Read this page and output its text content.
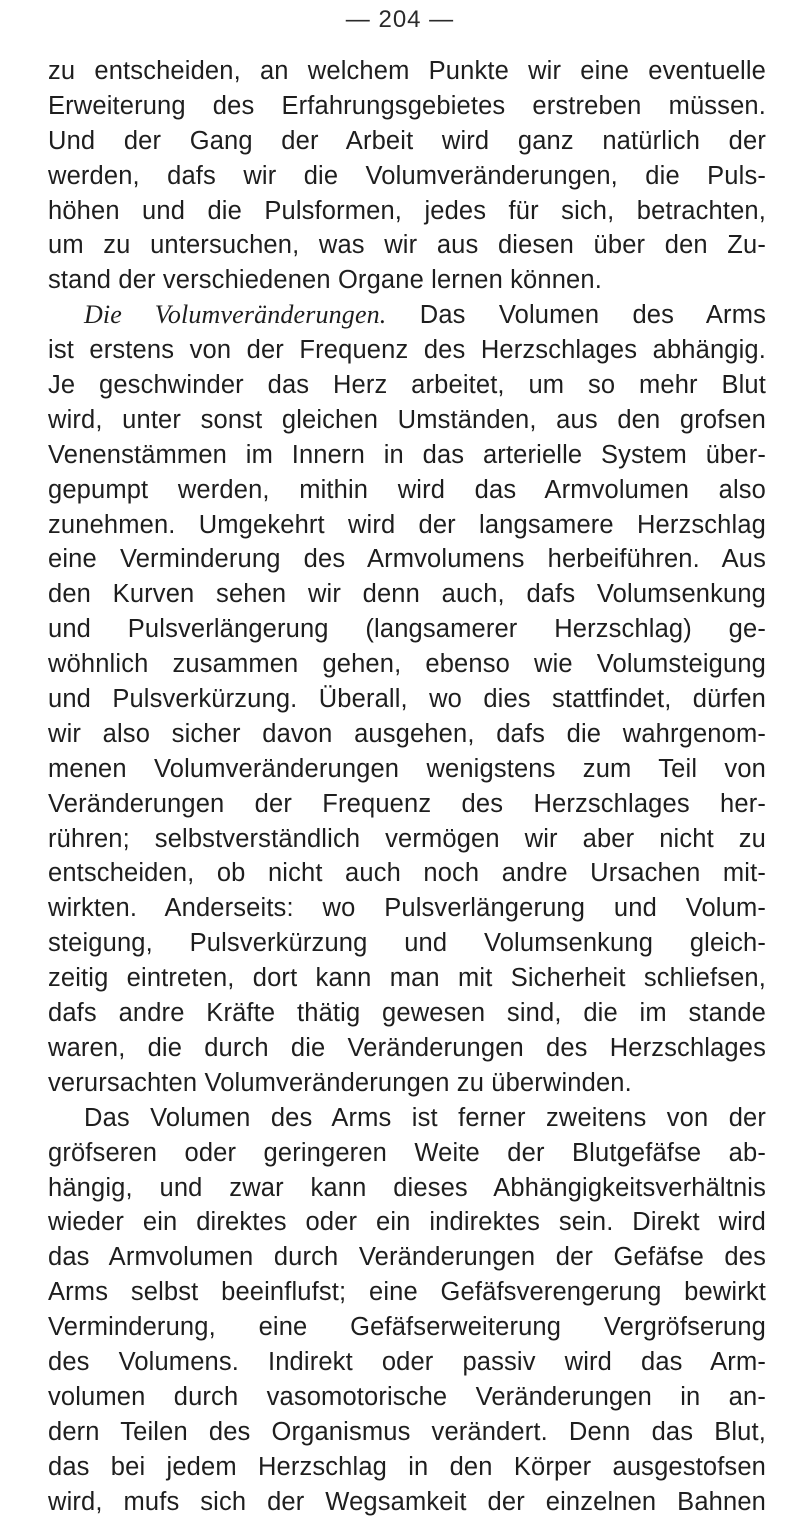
— 204 —
zu entscheiden, an welchem Punkte wir eine eventuelle
Erweiterung des Erfahrungsgebietes erstreben müssen.
Und der Gang der Arbeit wird ganz natürlich der
werden, dafs wir die Volumveränderungen, die Puls-
höhen und die Pulsformen, jedes für sich, betrachten,
um zu untersuchen, was wir aus diesen über den Zu-
stand der verschiedenen Organe lernen können.
Die Volumveränderungen. Das Volumen des Arms
ist erstens von der Frequenz des Herzschlages abhängig.
Je geschwinder das Herz arbeitet, um so mehr Blut
wird, unter sonst gleichen Umständen, aus den grofsen
Venenstämmen im Innern in das arterielle System über-
gepumpt werden, mithin wird das Armvolumen also
zunehmen. Umgekehrt wird der langsamere Herzschlag
eine Verminderung des Armvolumens herbeiführen. Aus
den Kurven sehen wir denn auch, dafs Volumsenkung
und Pulsverlängerung (langsamerer Herzschlag) ge-
wöhnlich zusammen gehen, ebenso wie Volumsteigung
und Pulsverkürzung. Überall, wo dies stattfindet, dürfen
wir also sicher davon ausgehen, dafs die wahrgenom-
menen Volumveränderungen wenigstens zum Teil von
Veränderungen der Frequenz des Herzschlages her-
rühren; selbstverständlich vermögen wir aber nicht zu
entscheiden, ob nicht auch noch andre Ursachen mit-
wirkten. Anderseits: wo Pulsverlängerung und Volum-
steigung, Pulsverkürzung und Volumsenkung gleich-
zeitig eintreten, dort kann man mit Sicherheit schliefsen,
dafs andre Kräfte thätig gewesen sind, die im stande
waren, die durch die Veränderungen des Herzschlages
verursachten Volumveränderungen zu überwinden.
Das Volumen des Arms ist ferner zweitens von der
gröfseren oder geringeren Weite der Blutgefäfse ab-
hängig, und zwar kann dieses Abhängigkeitsverhältnis
wieder ein direktes oder ein indirektes sein. Direkt wird
das Armvolumen durch Veränderungen der Gefäfse des
Arms selbst beeinflufst; eine Gefäfsverengerung bewirkt
Verminderung, eine Gefäfserweiterung Vergröfserung
des Volumens. Indirekt oder passiv wird das Arm-
volumen durch vasomotorische Veränderungen in an-
dern Teilen des Organismus verändert. Denn das Blut,
das bei jedem Herzschlag in den Körper ausgestofsen
wird, mufs sich der Wegsamkeit der einzelnen Bahnen
